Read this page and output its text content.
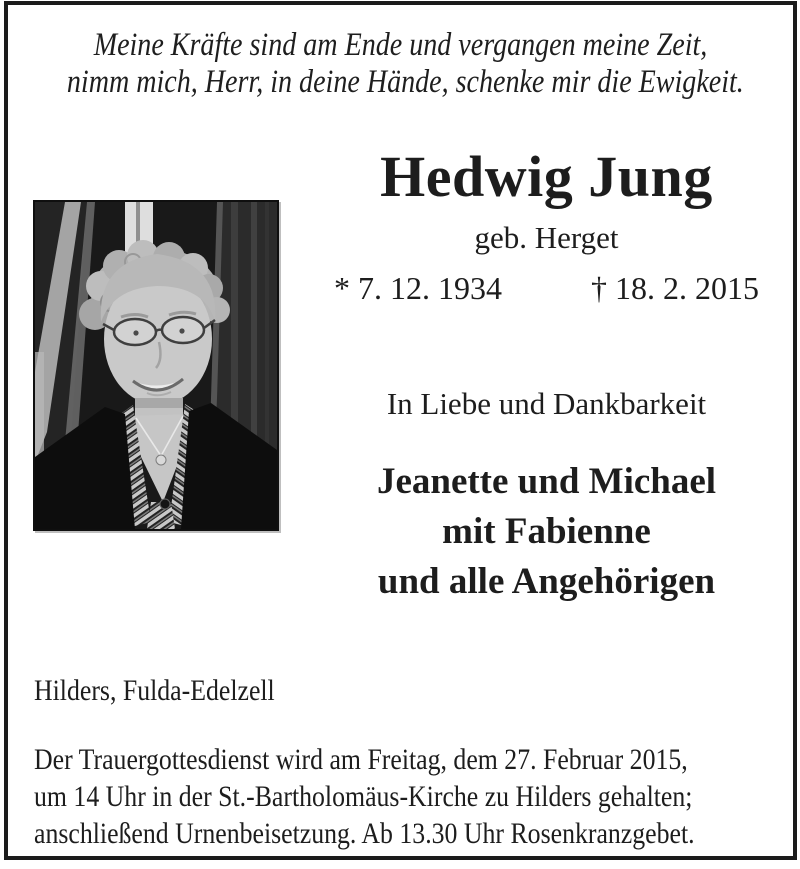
Meine Kräfte sind am Ende und vergangen meine Zeit,
nimm mich, Herr, in deine Hände, schenke mir die Ewigkeit.
Hedwig Jung
geb. Herget
* 7. 12. 1934	† 18. 2. 2015
In Liebe und Dankbarkeit
Jeanette und Michael
mit Fabienne
und alle Angehörigen
Hilders, Fulda-Edelzell
Der Trauergottesdienst wird am Freitag, dem 27. Februar 2015,
um 14 Uhr in der St.-Bartholomäus-Kirche zu Hilders gehalten;
anschließend Urnenbeisetzung. Ab 13.30 Uhr Rosenkranzgebet.
